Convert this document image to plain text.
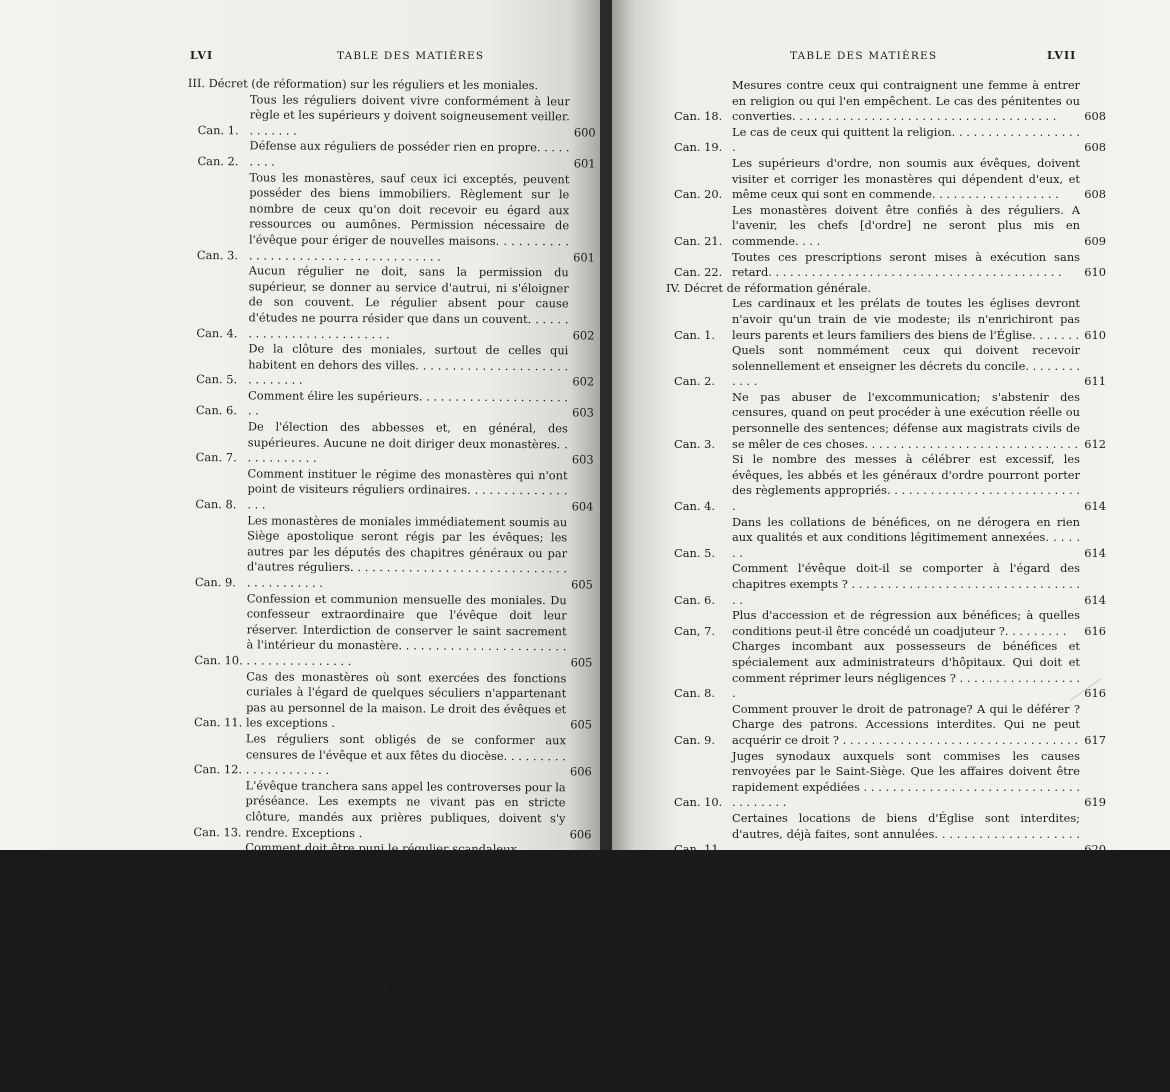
LVI	TABLE DES MATIÈRES
III. Décret (de réformation) sur les réguliers et les moniales.
Can. 1.
Tous les réguliers doivent vivre conformément à leur règle et les supérieurs y doivent soigneusement veiller. . . . . . . .	600
Can. 2.
Défense aux réguliers de posséder rien en propre. . . . . . . . .	601
Can. 3.
Tous les monastères, sauf ceux ici exceptés, peuvent posséder des biens immobiliers. Règlement sur le nombre de ceux qu'on doit recevoir eu égard aux ressources ou aumônes. Permission nécessaire de l'évêque pour ériger de nouvelles maisons. . . . . . . . . . . . . . . . . . . . . . . . . . . . . . . . . . . . .	601
Can. 4.
Aucun régulier ne doit, sans la permission du supérieur, se donner au service d'autrui, ni s'éloigner de son couvent. Le régulier absent pour cause d'études ne pourra résider que dans un couvent. . . . . . . . . . . . . . . . . . . . . . . . . .	602
Can. 5.
De la clôture des moniales, surtout de celles qui habitent en dehors des villes. . . . . . . . . . . . . . . . . . . . . . . . . . . . .	602
Can. 6.
Comment élire les supérieurs. . . . . . . . . . . . . . . . . . . . . . .	603
Can. 7.
De l'élection des abbesses et, en général, des supérieures. Aucune ne doit diriger deux monastères. . . . . . . . . . . .	603
Can. 8.
Comment instituer le régime des monastères qui n'ont point de visiteurs réguliers ordinaires. . . . . . . . . . . . . . . . .	604
Can. 9.
Les monastères de moniales immédiatement soumis au Siège apostolique seront régis par les évêques; les autres par les députés des chapitres généraux ou par d'autres réguliers. . . . . . . . . . . . . . . . . . . . . . . . . . . . . . . . . . . . . . . . .	605
Can. 10.
Confession et communion mensuelle des moniales. Du confesseur extraordinaire que l'évêque doit leur réserver. Interdiction de conserver le saint sacrement à l'intérieur du monastère. . . . . . . . . . . . . . . . . . . . . . . . . . . . . . . . . . . . . .	605
Can. 11.
Cas des monastères où sont exercées des fonctions curiales à l'égard de quelques séculiers n'appartenant pas au personnel de la maison. Le droit des évêques et les exceptions .	605
Can. 12.
Les réguliers sont obligés de se conformer aux censures de l'évêque et aux fêtes du diocèse. . . . . . . . . . . . . . . . . . . . .	606
Can. 13.
L'évêque tranchera sans appel les controverses pour la préséance. Les exempts ne vivant pas en stricte clôture, mandés aux prières publiques, doivent s'y rendre. Exceptions .	606
Can. 14.
Comment doit être puni le régulier scandaleux. . . . . . . . . .	606
Can. 15.
La profession religieuse ne pourra être faite qu'après un an au moins de noviciat et à seize ans accomplis. . . . . . . . . .	606
Can. 16.
Toute renonciation ou obligation faite plus de deux mois avant la profession est nulle. A la fin de la probation, les novices doivent être admis ou congédiés. En ce qui concerne la Société de Jésus, pas de changement. Avant la profession, on ne doit attribuer au monastère aucun bien des novices. . . . . . . . . . . . . . . . . . . . . . . . . . . . . . . . . . . . .	607
Can. 17.
La jeune fille, âgée de plus de douze ans, doit être examinée par l'Ordinaire si elle veut prendre l'habit régulier; l'examen est obligatoire aussi avant la profession. . . . . . . .	607
TABLE DES MATIÈRES	LVII
Can. 18.
Mesures contre ceux qui contraignent une femme à entrer en religion ou qui l'en empêchent. Le cas des pénitentes ou converties. . . . . . . . . . . . . . . . . . . . . . . . . . . . . . . . . . . . .	608
Can. 19.
Le cas de ceux qui quittent la religion. . . . . . . . . . . . . . . . . . .	608
Can. 20.
Les supérieurs d'ordre, non soumis aux évêques, doivent visiter et corriger les monastères qui dépendent d'eux, et même ceux qui sont en commende. . . . . . . . . . . . . . . . . .	608
Can. 21.
Les monastères doivent être confiés à des réguliers. A l'avenir, les chefs [d'ordre] ne seront plus mis en commende. . . .	609
Can. 22.
Toutes ces prescriptions seront mises à exécution sans retard. . . . . . . . . . . . . . . . . . . . . . . . . . . . . . . . . . . . . . . . .	610
IV. Décret de réformation générale.
Can. 1.
Les cardinaux et les prélats de toutes les églises devront n'avoir qu'un train de vie modeste; ils n'enrichiront pas leurs parents et leurs familiers des biens de l'Église. . . . . . . 610
Can. 2.
Quels sont nommément ceux qui doivent recevoir solennellement et enseigner les décrets du concile. . . . . . . . . . . .	611
Can. 3.
Ne pas abuser de l'excommunication; s'abstenir des censures, quand on peut procéder à une exécution réelle ou personnelle des sentences; défense aux magistrats civils de se mêler de ces choses. . . . . . . . . . . . . . . . . . . . . . . . . . . . . . 612
Can. 4.
Si le nombre des messes à célébrer est excessif, les évêques, les abbés et les généraux d'ordre pourront porter des règlements appropriés. . . . . . . . . . . . . . . . . . . . . . . . . . . .	614
Can. 5.
Dans les collations de bénéfices, on ne dérogera en rien aux qualités et aux conditions légitimement annexées. . . . . . .	614
Can. 6.
Comment l'évêque doit-il se comporter à l'égard des chapitres exempts ? . . . . . . . . . . . . . . . . . . . . . . . . . . . . . . . . . .	614
Can, 7.
Plus d'accession et de régression aux bénéfices; à quelles conditions peut-il être concédé un coadjuteur ?. . . . . . . . .	616
Can. 8.
Charges incombant aux possesseurs de bénéfices et spécialement aux administrateurs d'hôpitaux. Qui doit et comment réprimer leurs négligences ? . . . . . . . . . . . . . . . . . .	616
Can. 9.
Comment prouver le droit de patronage? A qui le déférer ? Charge des patrons. Accessions interdites. Qui ne peut acquérir ce droit ? . . . . . . . . . . . . . . . . . . . . . . . . . . . . . . . . . 617
Can. 10.
Juges synodaux auxquels sont commises les causes renvoyées par le Saint-Siège. Que les affaires doivent être rapidement expédiées . . . . . . . . . . . . . . . . . . . . . . . . . . . . . . . . . . . . . .	619
Can. 11.
Certaines locations de biens d'Église sont interdites; d'autres, déjà faites, sont annulées. . . . . . . . . . . . . . . . . . . . . . .	620
Can. 12.
Paiement des dîmes. Ceux qui les soustraient seront excommuniés. Obligation pour les fidèles de subvenir à l'entretien des pasteurs dans les églises pauvres. . . . . . . . . . . . . . . .	621
Can. 13.
La quarte funéraire due aux églises cathédrales ou paroissiales. . . . . . . . . . . . . . . . . . . . . . . . . . . . . . . . . . . . . . . . .	621
Can. 14.
Prescriptions relatives à la procédure contre les clercs concubinaires. . . . . . . . . . . . . . . . . . . . . . . . . . . . . . . . . . . . . . .	621
